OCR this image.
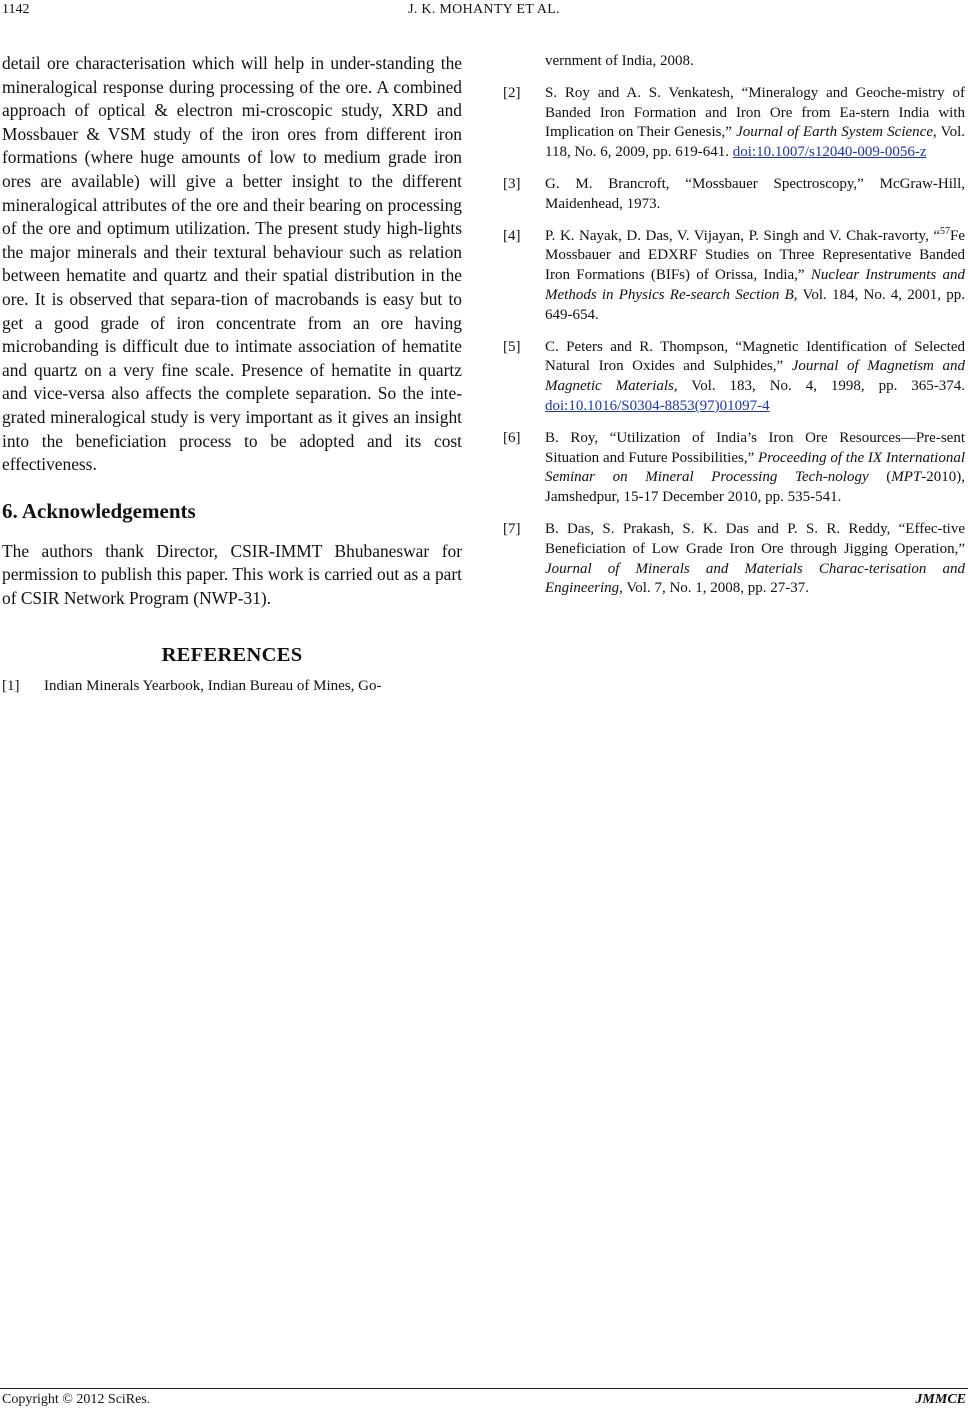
1142	J. K. MOHANTY ET AL.

detail ore characterisation which will help in under-standing the mineralogical response during processing of the ore. A combined approach of optical & electron mi-croscopic study, XRD and Mossbauer & VSM study of the iron ores from different iron formations (where huge amounts of low to medium grade iron ores are available) will give a better insight to the different mineralogical attributes of the ore and their bearing on processing of the ore and optimum utilization. The present study high-lights the major minerals and their textural behaviour such as relation between hematite and quartz and their spatial distribution in the ore. It is observed that separa-tion of macrobands is easy but to get a good grade of iron concentrate from an ore having microbanding is difficult due to intimate association of hematite and quartz on a very fine scale. Presence of hematite in quartz and vice-versa also affects the complete separation. So the inte-grated mineralogical study is very important as it gives an insight into the beneficiation process to be adopted and its cost effectiveness.

6. Acknowledgements

The authors thank Director, CSIR-IMMT Bhubaneswar for permission to publish this paper. This work is carried out as a part of CSIR Network Program (NWP-31).

REFERENCES
[1] Indian Minerals Yearbook, Indian Bureau of Mines, Go-
vernment of India, 2008.
[2] S. Roy and A. S. Venkatesh, “Mineralogy and Geoche-mistry of Banded Iron Formation and Iron Ore from Ea-stern India with Implication on Their Genesis,” Journal of Earth System Science, Vol. 118, No. 6, 2009, pp. 619-641. doi:10.1007/s12040-009-0056-z
[3] G. M. Brancroft, “Mossbauer Spectroscopy,” McGraw-Hill, Maidenhead, 1973.
[4] P. K. Nayak, D. Das, V. Vijayan, P. Singh and V. Chak-ravorty, “$^{57}$Fe Mossbauer and EDXRF Studies on Three Representative Banded Iron Formations (BIFs) of Orissa, India,” Nuclear Instruments and Methods in Physics Re-search Section B, Vol. 184, No. 4, 2001, pp. 649-654.
[5] C. Peters and R. Thompson, “Magnetic Identification of Selected Natural Iron Oxides and Sulphides,” Journal of Magnetism and Magnetic Materials, Vol. 183, No. 4, 1998, pp. 365-374. doi:10.1016/S0304-8853(97)01097-4
[6] B. Roy, “Utilization of India’s Iron Ore Resources—Pre-sent Situation and Future Possibilities,” Proceeding of the IX International Seminar on Mineral Processing Tech-nology (MPT-2010), Jamshedpur, 15-17 December 2010, pp. 535-541.
[7] B. Das, S. Prakash, S. K. Das and P. S. R. Reddy, “Effec-tive Beneficiation of Low Grade Iron Ore through Jigging Operation,” Journal of Minerals and Materials Charac-terisation and Engineering, Vol. 7, No. 1, 2008, pp. 27-37.
Copyright © 2012 SciRes.	JMMCE
